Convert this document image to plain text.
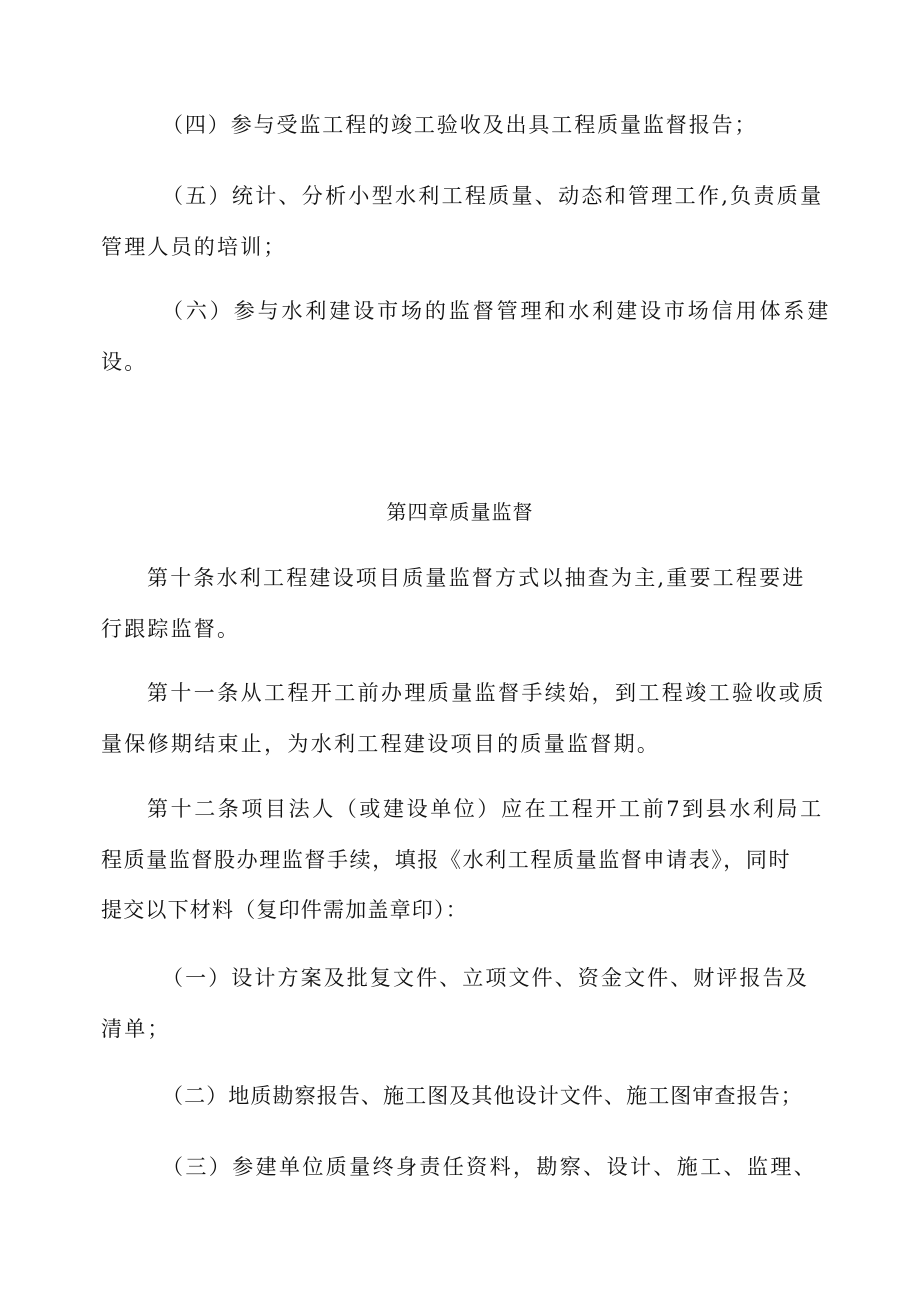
（四）参与受监工程的竣工验收及出具工程质量监督报告；
（五）统计、分析小型水利工程质量、动态和管理工作,负责质量
管理人员的培训；
（六）参与水利建设市场的监督管理和水利建设市场信用体系建
设。
第四章质量监督
第十条水利工程建设项目质量监督方式以抽查为主,重要工程要进
行跟踪监督。
第十一条从工程开工前办理质量监督手续始，到工程竣工验收或质
量保修期结束止，为水利工程建设项目的质量监督期。
第十二条项目法人（或建设单位）应在工程开工前7到县水利局工
程质量监督股办理监督手续，填报《水利工程质量监督申请表》，同时
提交以下材料（复印件需加盖章印）：
（一）设计方案及批复文件、立项文件、资金文件、财评报告及
清单；
（二）地质勘察报告、施工图及其他设计文件、施工图审查报告；
（三）参建单位质量终身责任资料，勘察、设计、施工、监理、
